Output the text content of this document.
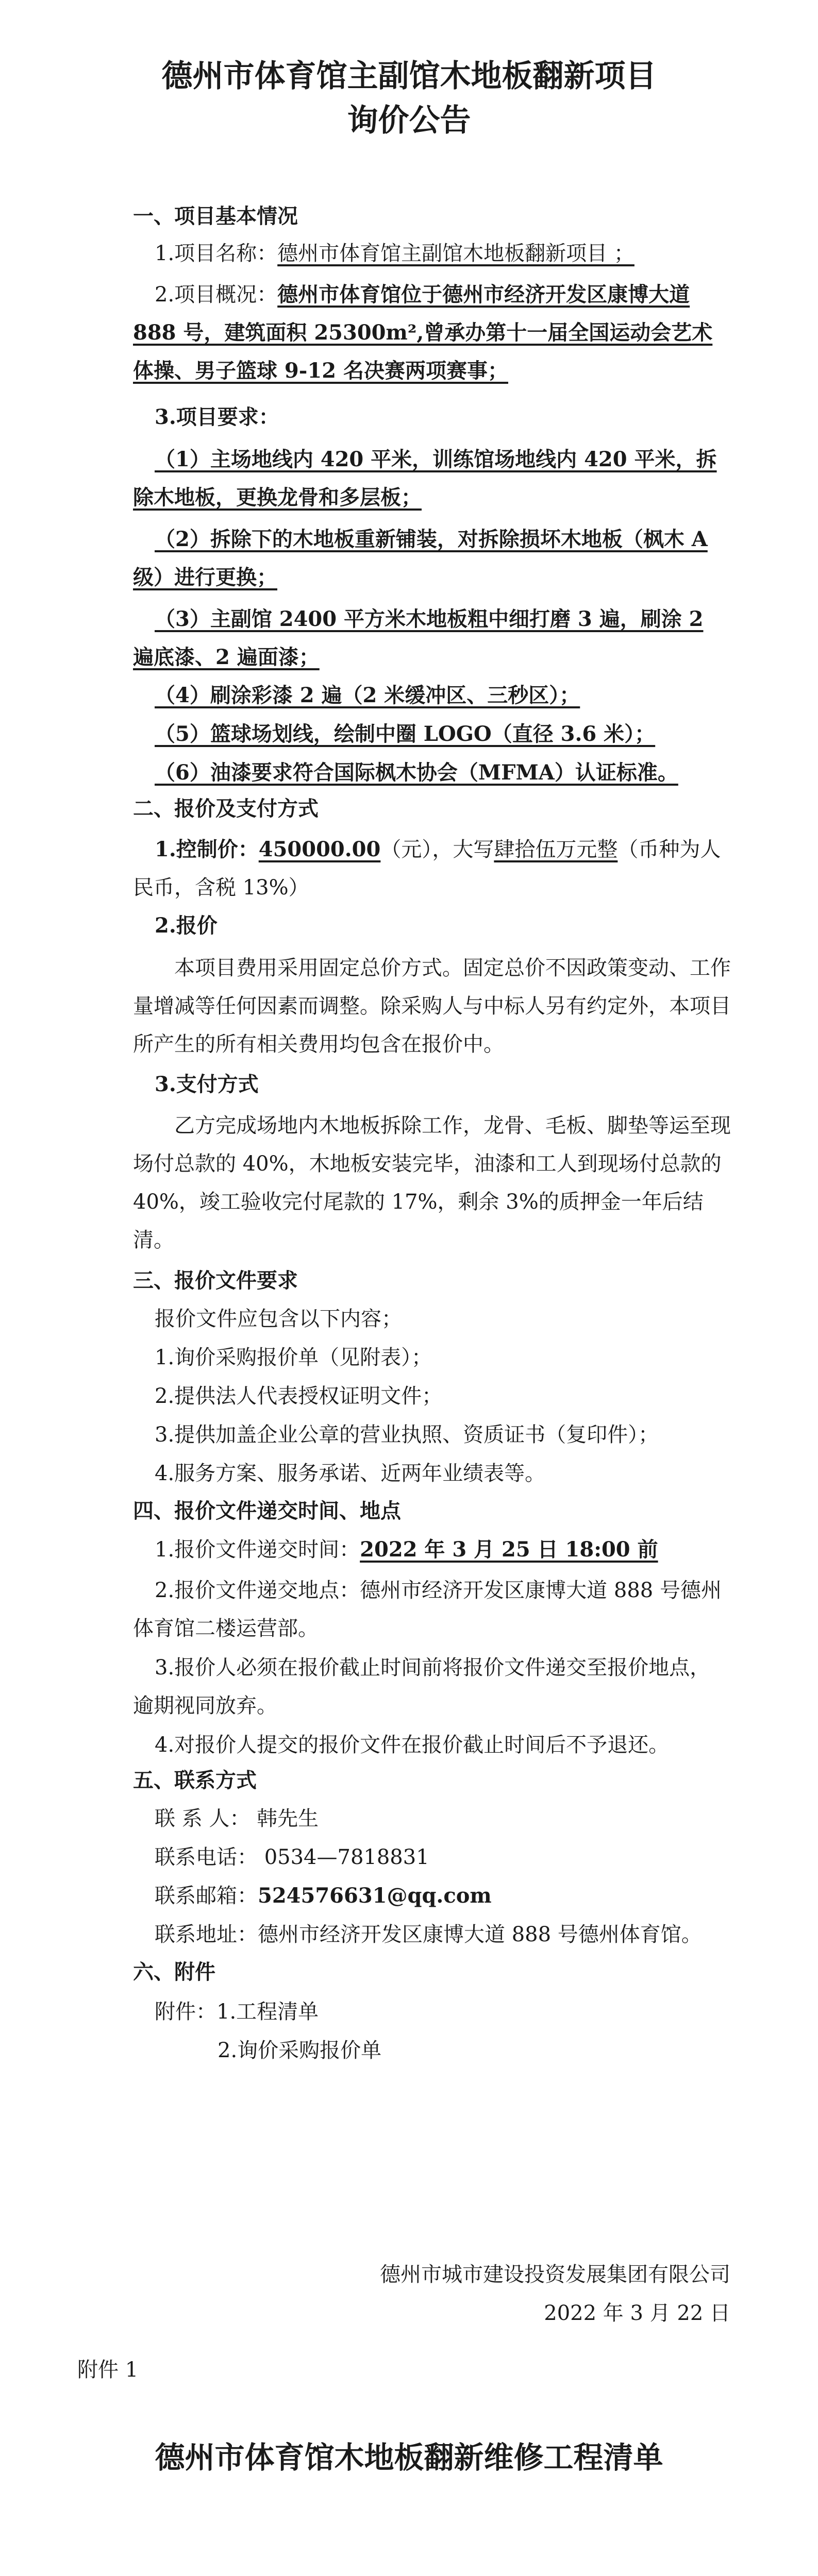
德州市体育馆主副馆木地板翻新项目
询价公告
一、项目基本情况
1.项目名称：德州市体育馆主副馆木地板翻新项目 ；
2.项目概况：德州市体育馆位于德州市经济开发区康博大道 888 号，建筑面积 25300m²,曾承办第十一届全国运动会艺术体操、男子篮球 9-12 名决赛两项赛事；
3.项目要求：
（1）主场地线内 420 平米，训练馆场地线内 420 平米，拆除木地板，更换龙骨和多层板；
（2）拆除下的木地板重新铺装，对拆除损坏木地板（枫木 A 级）进行更换；
（3）主副馆 2400 平方米木地板粗中细打磨 3 遍，刷涂 2 遍底漆、2 遍面漆；
（4）刷涂彩漆 2 遍（2 米缓冲区、三秒区）；
（5）篮球场划线，绘制中圈 LOGO（直径 3.6 米）；
（6）油漆要求符合国际枫木协会（MFMA）认证标准。
二、报价及支付方式
1.控制价：450000.00（元），大写肆拾伍万元整（币种为人民币，含税 13%）
2.报价
本项目费用采用固定总价方式。固定总价不因政策变动、工作量增减等任何因素而调整。除采购人与中标人另有约定外，本项目所产生的所有相关费用均包含在报价中。
3.支付方式
乙方完成场地内木地板拆除工作，龙骨、毛板、脚垫等运至现场付总款的 40%，木地板安装完毕，油漆和工人到现场付总款的 40%，竣工验收完付尾款的 17%，剩余 3%的质押金一年后结清。
三、报价文件要求
报价文件应包含以下内容；
1.询价采购报价单（见附表）；
2.提供法人代表授权证明文件；
3.提供加盖企业公章的营业执照、资质证书（复印件）；
4.服务方案、服务承诺、近两年业绩表等。
四、报价文件递交时间、地点
1.报价文件递交时间：2022 年 3 月 25 日 18:00 前
2.报价文件递交地点：德州市经济开发区康博大道 888 号德州体育馆二楼运营部。
3.报价人必须在报价截止时间前将报价文件递交至报价地点，逾期视同放弃。
4.对报价人提交的报价文件在报价截止时间后不予退还。
五、联系方式
联 系 人： 韩先生
联系电话： 0534—7818831
联系邮箱：524576631@qq.com
联系地址：德州市经济开发区康博大道 888 号德州体育馆。
六、附件
附件：1.工程清单
2.询价采购报价单
德州市城市建设投资发展集团有限公司
2022 年 3 月 22 日
附件 1
德州市体育馆木地板翻新维修工程清单
